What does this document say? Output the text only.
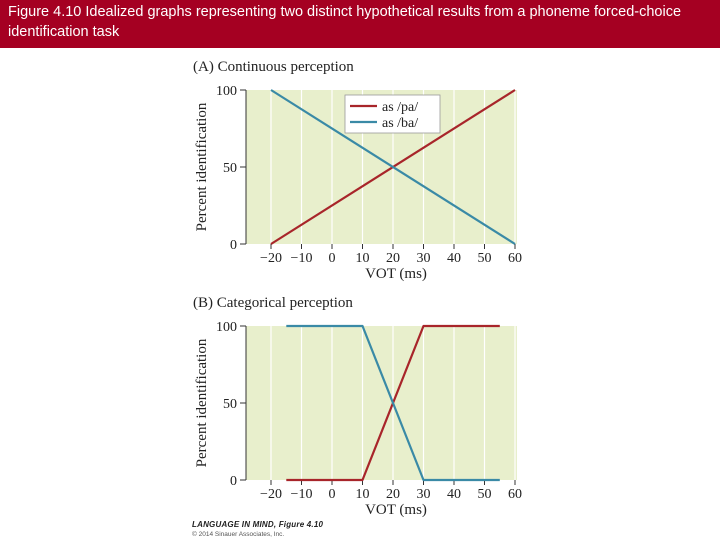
Figure 4.10 Idealized graphs representing two distinct hypothetical results from a phoneme forced-choice identification task
0
50
100
−20 −10 0 10 20 30 40 50 60
(A) Continuous perception
VOT (ms)
Percent identification	as /pa/
as /ba/
0
50
100
−20 −10 0 10 20 30 40 50 60
(B) Categorical perception
VOT (ms)
Percent identification
LANGUAGE IN MIND, Figure 4.10
© 2014 Sinauer Associates, Inc.
